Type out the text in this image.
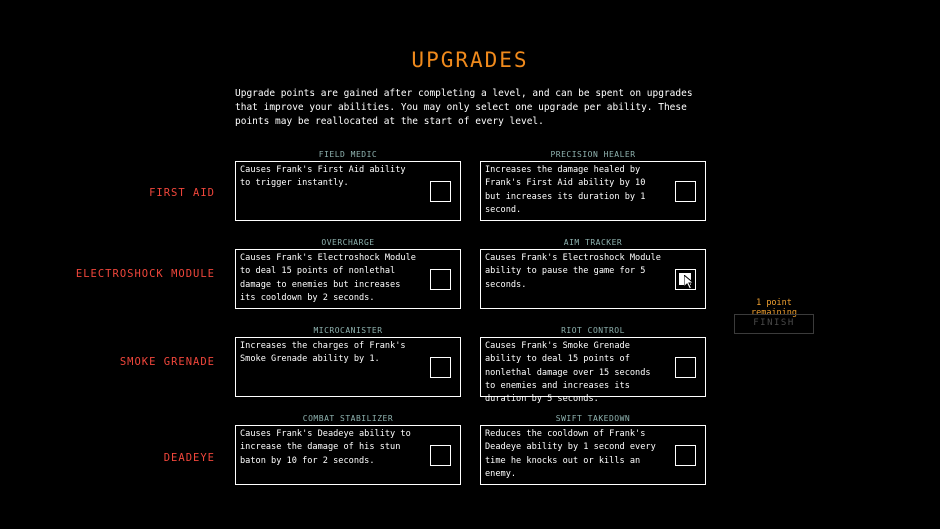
UPGRADES
Upgrade points are gained after completing a level, and can be spent on upgrades that improve your abilities. You may only select one upgrade per ability. These points may be reallocated at the start of every level.
FIRST AID
FIELD MEDIC
Causes Frank's First Aid ability to trigger instantly.
PRECISION HEALER
Increases the damage healed by Frank's First Aid ability by 10 but increases its duration by 1 second.
ELECTROSHOCK MODULE
OVERCHARGE
Causes Frank's Electroshock Module to deal 15 points of nonlethal damage to enemies but increases its cooldown by 2 seconds.
AIM TRACKER
Causes Frank's Electroshock Module ability to pause the game for 5 seconds.
SMOKE GRENADE
MICROCANISTER
Increases the charges of Frank's Smoke Grenade ability by 1.
RIOT CONTROL
Causes Frank's Smoke Grenade ability to deal 15 points of nonlethal damage over 15 seconds to enemies and increases its duration by 5 seconds.
DEADEYE
COMBAT STABILIZER
Causes Frank's Deadeye ability to increase the damage of his stun baton by 10 for 2 seconds.
SWIFT TAKEDOWN
Reduces the cooldown of Frank's Deadeye ability by 1 second every time he knocks out or kills an enemy.
1 point remaining
FINISH
